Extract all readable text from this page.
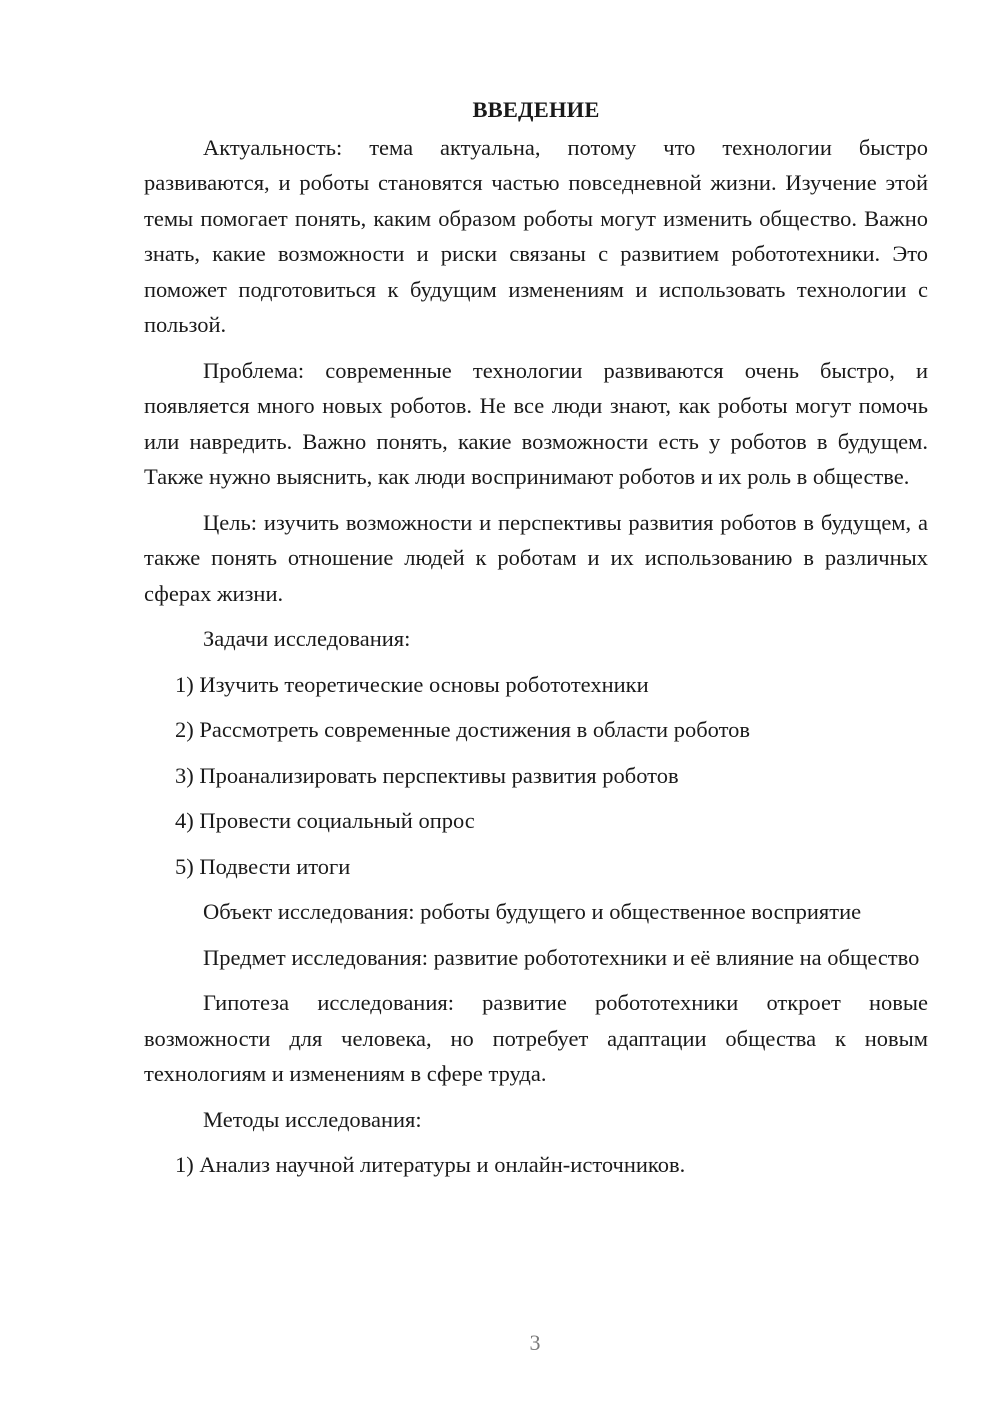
ВВЕДЕНИЕ
Актуальность: тема актуальна, потому что технологии быстро развиваются, и роботы становятся частью повседневной жизни. Изучение этой темы помогает понять, каким образом роботы могут изменить общество. Важно знать, какие возможности и риски связаны с развитием робототехники. Это поможет подготовиться к будущим изменениям и использовать технологии с пользой.
Проблема: современные технологии развиваются очень быстро, и появляется много новых роботов. Не все люди знают, как роботы могут помочь или навредить. Важно понять, какие возможности есть у роботов в будущем. Также нужно выяснить, как люди воспринимают роботов и их роль в обществе.
Цель: изучить возможности и перспективы развития роботов в будущем, а также понять отношение людей к роботам и их использованию в различных сферах жизни.
Задачи исследования:
1) Изучить теоретические основы робототехники
2) Рассмотреть современные достижения в области роботов
3) Проанализировать перспективы развития роботов
4) Провести социальный опрос
5) Подвести итоги
Объект исследования: роботы будущего и общественное восприятие
Предмет исследования: развитие робототехники и её влияние на общество
Гипотеза исследования: развитие робототехники откроет новые возможности для человека, но потребует адаптации общества к новым технологиям и изменениям в сфере труда.
Методы исследования:
1) Анализ научной литературы и онлайн-источников.
3
